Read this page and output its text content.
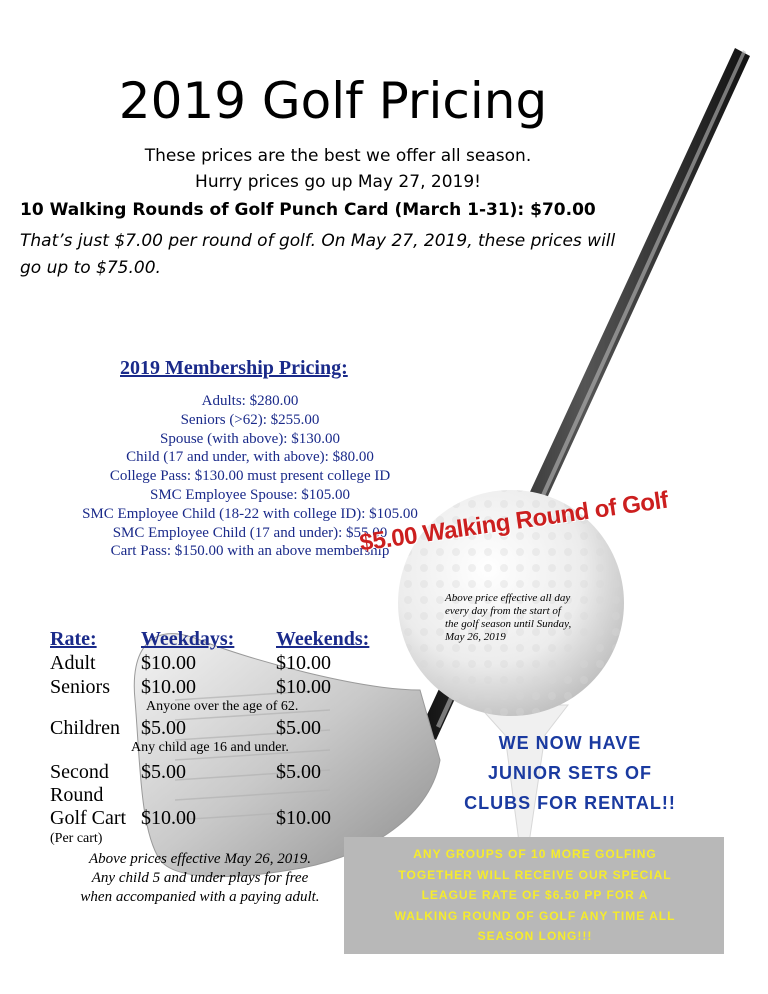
2019 Golf Pricing
These prices are the best we offer all season.
Hurry prices go up May 27, 2019!
10 Walking Rounds of Golf Punch Card (March 1-31): $70.00
That’s just $7.00 per round of golf. On May 27, 2019, these prices will
go up to $75.00.
2019 Membership Pricing:
Adults: $280.00
Seniors (>62): $255.00
Spouse (with above): $130.00
Child (17 and under, with above): $80.00
College Pass: $130.00 must present college ID
SMC Employee Spouse: $105.00
SMC Employee Child (18-22 with college ID): $105.00
SMC Employee Child (17 and under): $55.00
Cart Pass: $150.00 with an above membership
$5.00 Walking Round of Golf
Above price effective all day
every day from the start of
the golf season until Sunday,
May 26, 2019
Rate: Weekdays: Weekends:
Adult $10.00	$10.00
Seniors $10.00	$10.00
Anyone over the age of 62.
Children $5.00	$5.00
Any child age 16 and under.
Second $5.00	$5.00
Round
Golf Cart $10.00	$10.00
(Per cart)
Above prices effective May 26, 2019.
Any child 5 and under plays for free
when accompanied with a paying adult.
WE NOW HAVE
JUNIOR SETS OF
CLUBS FOR RENTAL!!
ANY GROUPS OF 10 MORE GOLFING
TOGETHER WILL RECEIVE OUR SPECIAL
LEAGUE RATE OF $6.50 PP FOR A
WALKING ROUND OF GOLF ANY TIME ALL
SEASON LONG!!!
